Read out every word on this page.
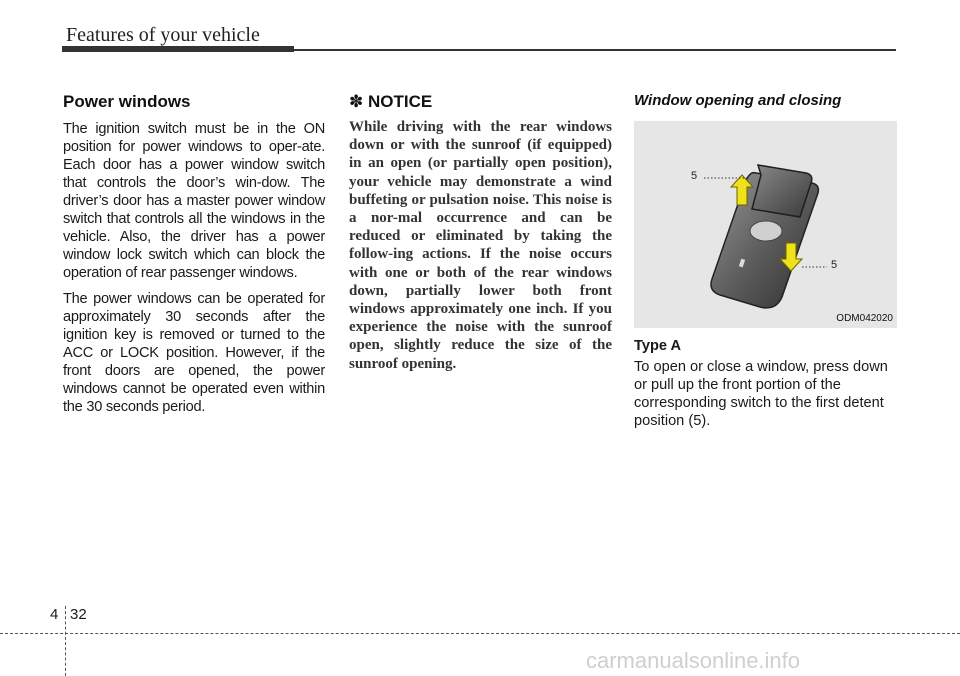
Features of your vehicle
Power windows

The ignition switch must be in the ON position for power windows to oper-ate. Each door has a power window switch that controls the door’s win-dow. The driver’s door has a master power window switch that controls all the windows in the vehicle. Also, the driver has a power window lock switch which can block the operation of rear passenger windows.

The power windows can be operated for approximately 30 seconds after the ignition key is removed or turned to the ACC or LOCK position. However, if the front doors are opened, the power windows cannot be operated even within the 30 seconds period.

✽ NOTICE

While driving with the rear windows down or with the sunroof (if equipped) in an open (or partially open position), your vehicle may demonstrate a wind buffeting or pulsation noise. This noise is a nor-mal occurrence and can be reduced or eliminated by taking the follow-ing actions. If the noise occurs with one or both of the rear windows down, partially lower both front windows approximately one inch. If you experience the noise with the sunroof open, slightly reduce the size of the sunroof opening.

Window opening and closing
5
5
ODM042020
Type A

To open or close a window, press down or pull up the front portion of the corresponding switch to the first detent position (5).

4 32
carmanualsonline.info
